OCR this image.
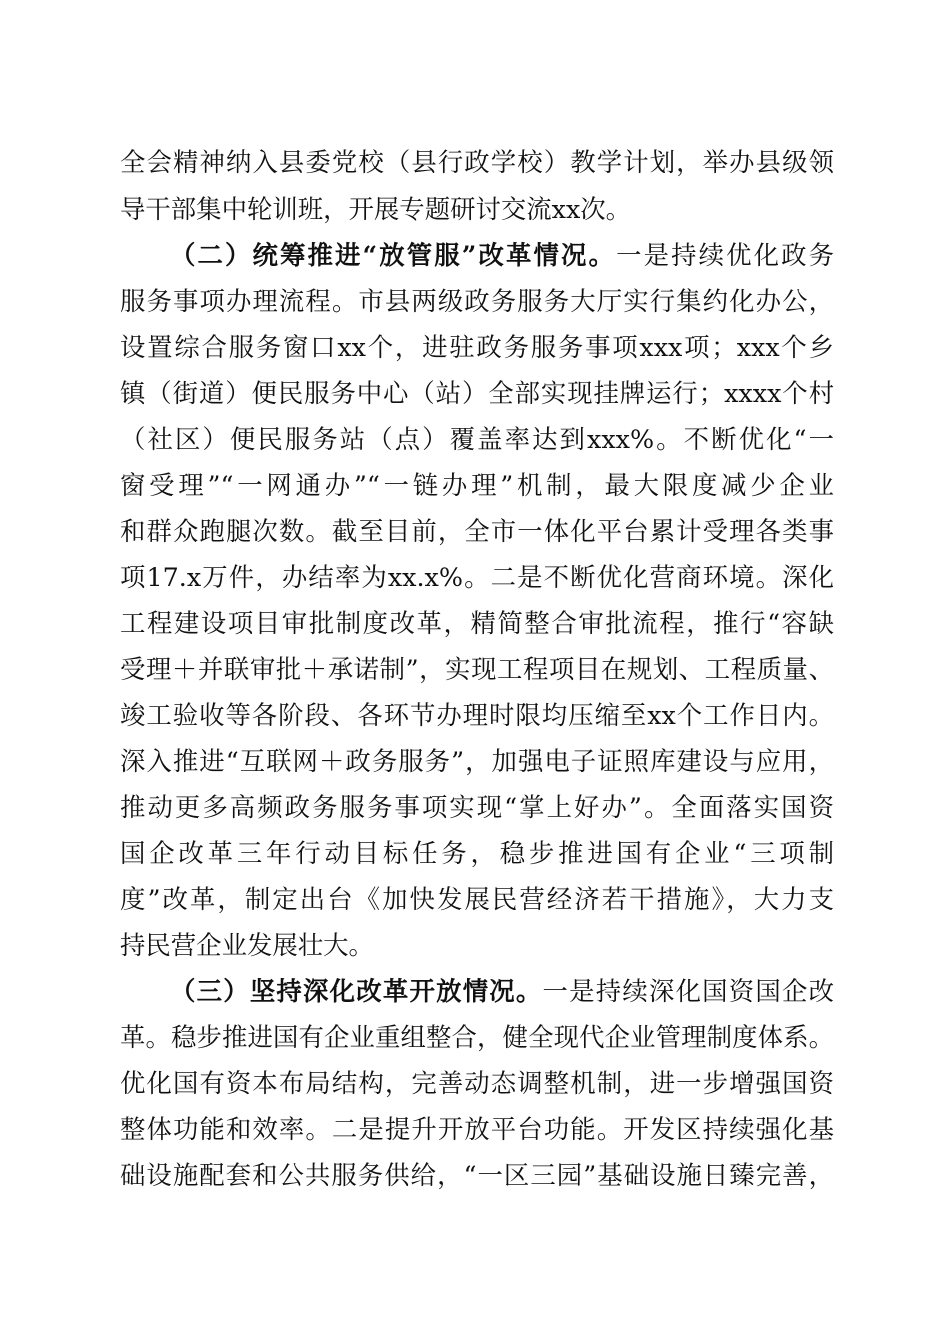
全会精神纳入县委党校（县行政学校）教学计划，举办县级领
导干部集中轮训班，开展专题研讨交流xx次。
（二）统筹推进“放管服”改革情况。一是持续优化政务
服务事项办理流程。市县两级政务服务大厅实行集约化办公，
设置综合服务窗口xx个，进驻政务服务事项xxx项；xxx个乡
镇（街道）便民服务中心（站）全部实现挂牌运行；xxxx个村
（社区）便民服务站（点）覆盖率达到xxx%。不断优化“一
窗受理”“一网通办”“一链办理”机制，最大限度减少企业
和群众跑腿次数。截至目前，全市一体化平台累计受理各类事
项17.x万件，办结率为xx.x%。二是不断优化营商环境。深化
工程建设项目审批制度改革，精简整合审批流程，推行“容缺
受理＋并联审批＋承诺制”，实现工程项目在规划、工程质量、
竣工验收等各阶段、各环节办理时限均压缩至xx个工作日内。
深入推进“互联网＋政务服务”，加强电子证照库建设与应用，
推动更多高频政务服务事项实现“掌上好办”。全面落实国资
国企改革三年行动目标任务，稳步推进国有企业“三项制
度”改革，制定出台《加快发展民营经济若干措施》，大力支
持民营企业发展壮大。
（三）坚持深化改革开放情况。一是持续深化国资国企改
革。稳步推进国有企业重组整合，健全现代企业管理制度体系。
优化国有资本布局结构，完善动态调整机制，进一步增强国资
整体功能和效率。二是提升开放平台功能。开发区持续强化基
础设施配套和公共服务供给，“一区三园”基础设施日臻完善，
